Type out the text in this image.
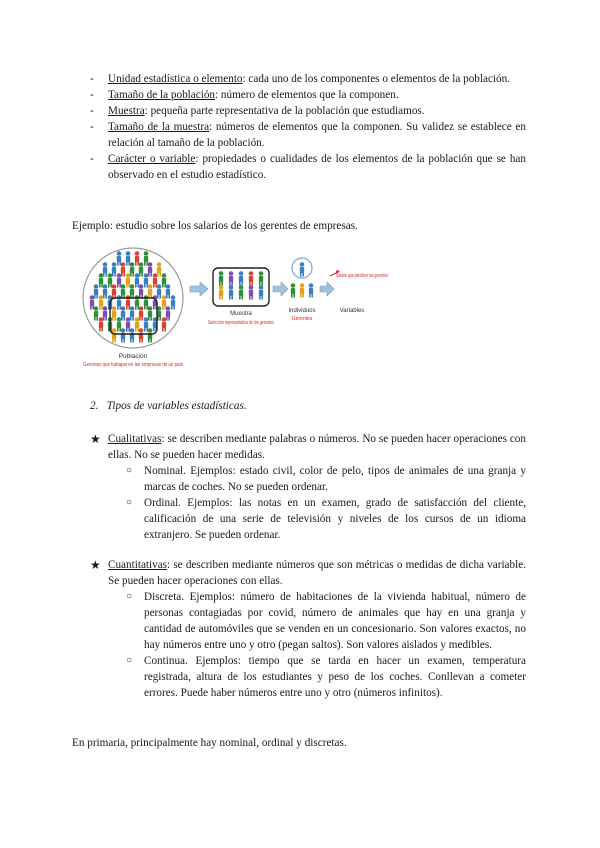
-	Unidad estadística o elemento: cada uno de los componentes o elementos de la población.
-	Tamaño de la población: número de elementos que la componen.
-	Muestra: pequeña parte representativa de la población que estudiamos.
-	Tamaño de la muestra: números de elementos que la componen. Su validez se establece en relación al tamaño de la población.
-	Carácter o variable: propiedades o cualidades de los elementos de la población que se han observado en el estudio estadístico.
Ejemplo: estudio sobre los salarios de los gerentes de empresas.
Población
Gerentes que trabajan en las empresas de un país
Muestra
Selección representativa de los gerentes
Individuos
Gerentes
Variables
Salario que perciben los gerentes
2. Tipos de variables estadísticas.
★ Cualitativas: se describen mediante palabras o números. No se pueden hacer operaciones con ellas. No se pueden hacer medidas.
○	Nominal. Ejemplos: estado civil, color de pelo, tipos de animales de una granja y marcas de coches. No se pueden ordenar.
○	Ordinal. Ejemplos: las notas en un examen, grado de satisfacción del cliente, calificación de una serie de televisión y niveles de los cursos de un idioma extranjero. Se pueden ordenar.
★ Cuantitativas: se describen mediante números que son métricas o medidas de dicha variable. Se pueden hacer operaciones con ellas.
○	Discreta. Ejemplos: número de habitaciones de la vivienda habitual, número de personas contagiadas por covid, número de animales que hay en una granja y cantidad de automóviles que se venden en un concesionario. Son valores exactos, no hay números entre uno y otro (pegan saltos). Son valores aislados y medibles.
○	Continua. Ejemplos: tiempo que se tarda en hacer un examen, temperatura registrada, altura de los estudiantes y peso de los coches. Conllevan a cometer errores. Puede haber números entre uno y otro (números infinitos).
En primaria, principalmente hay nominal, ordinal y discretas.
